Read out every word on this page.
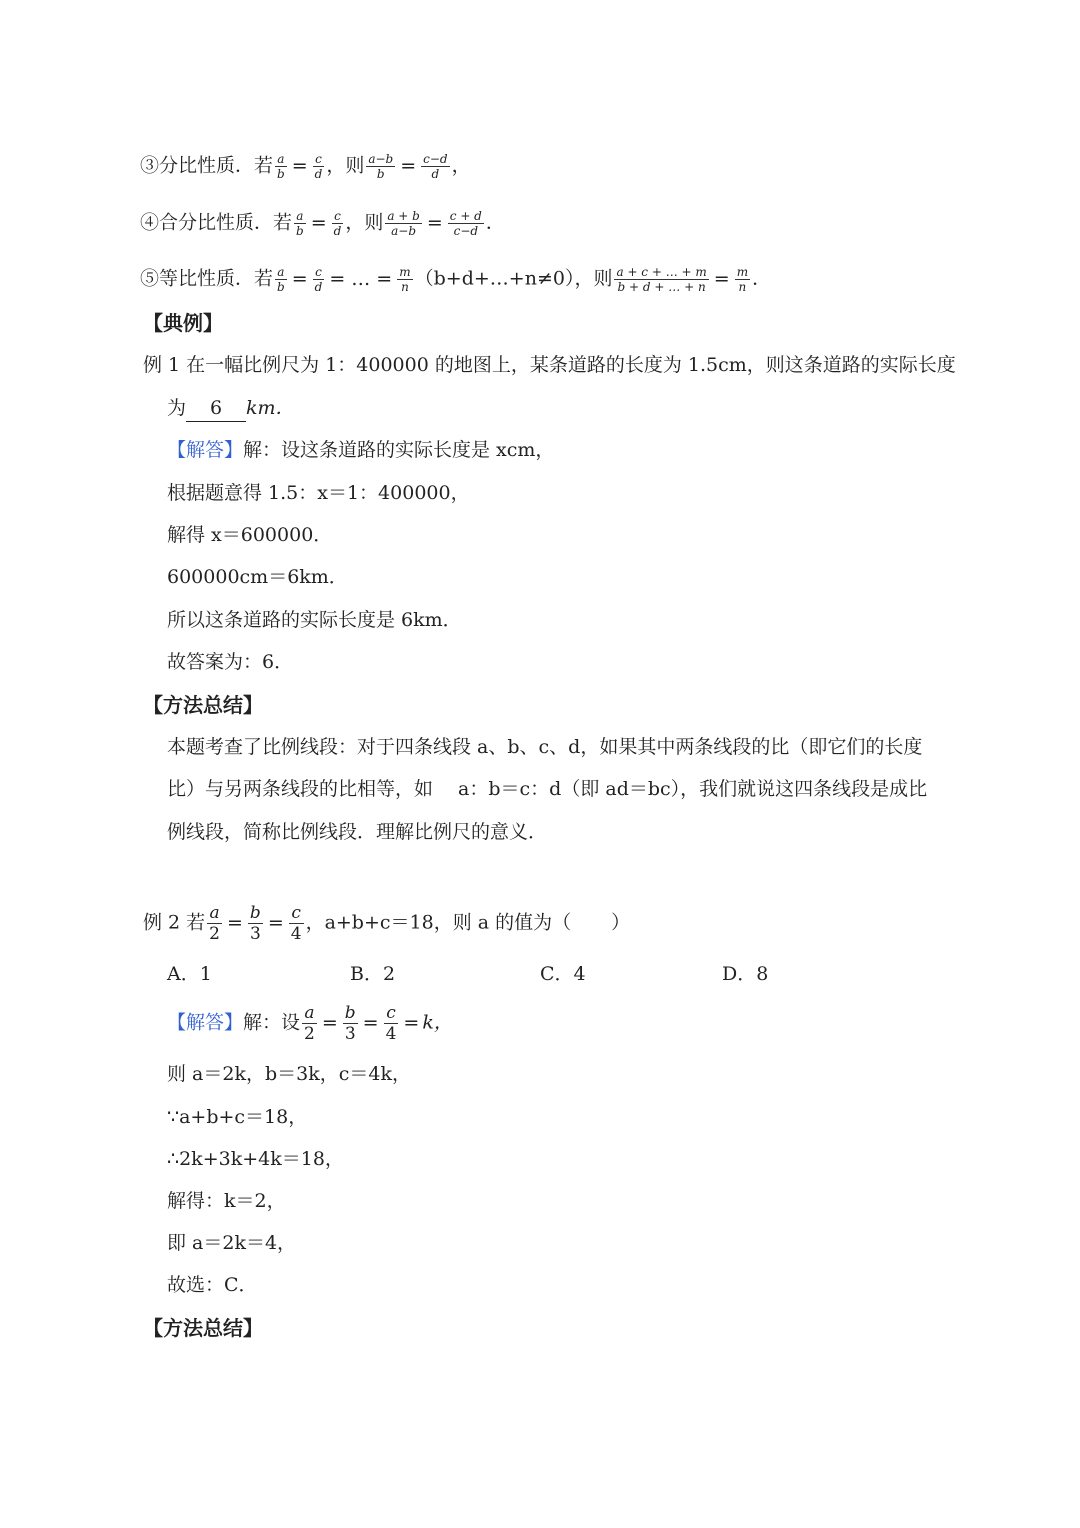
③分比性质．若 $\frac{a}{b} = \frac{c}{d}$ ，则 $\frac{a-b}{b} = \frac{c-d}{d}$ ，
④合分比性质．若 $\frac{a}{b} = \frac{c}{d}$ ，则 $\frac{a + b}{a-b} = \frac{c + d}{c-d}$ ．
⑤等比性质．若 $\frac{a}{b} = \frac{c}{d}$ = … = $\frac{m}{n}$ （b+d+…+n≠0），则 $\frac{a + c + \dots + m}{b + d + \dots + n} = \frac{m}{n}$ ．
【典例】
例 1 在一幅比例尺为 1：400000 的地图上，某条道路的长度为 1.5cm，则这条道路的实际长度
为 6 km．
【解答】解：设这条道路的实际长度是 xcm，
根据题意得 1.5：x＝1：400000，
解得 x＝600000．
600000cm＝6km．
所以这条道路的实际长度是 6km．
故答案为：6．
【方法总结】
本题考查了比例线段：对于四条线段 a、b、c、d，如果其中两条线段的比（即它们的长度
比）与另两条线段的比相等，如 　a：b＝c：d（即 ad＝bc），我们就说这四条线段是成比
例线段，简称比例线段．理解比例尺的意义．
例 2 若 $\frac{a}{2} = \frac{b}{3} = \frac{c}{4}$ ，a+b+c＝18，则 a 的值为（ ）
A．1	B．2	C．4	D．8
【解答】解：设 $\frac{a}{2} = \frac{b}{3} = \frac{c}{4} = k$，
则 a＝2k，b＝3k，c＝4k，
∵a+b+c＝18，
∴2k+3k+4k＝18，
解得：k＝2，
即 a＝2k＝4，
故选：C．
【方法总结】
